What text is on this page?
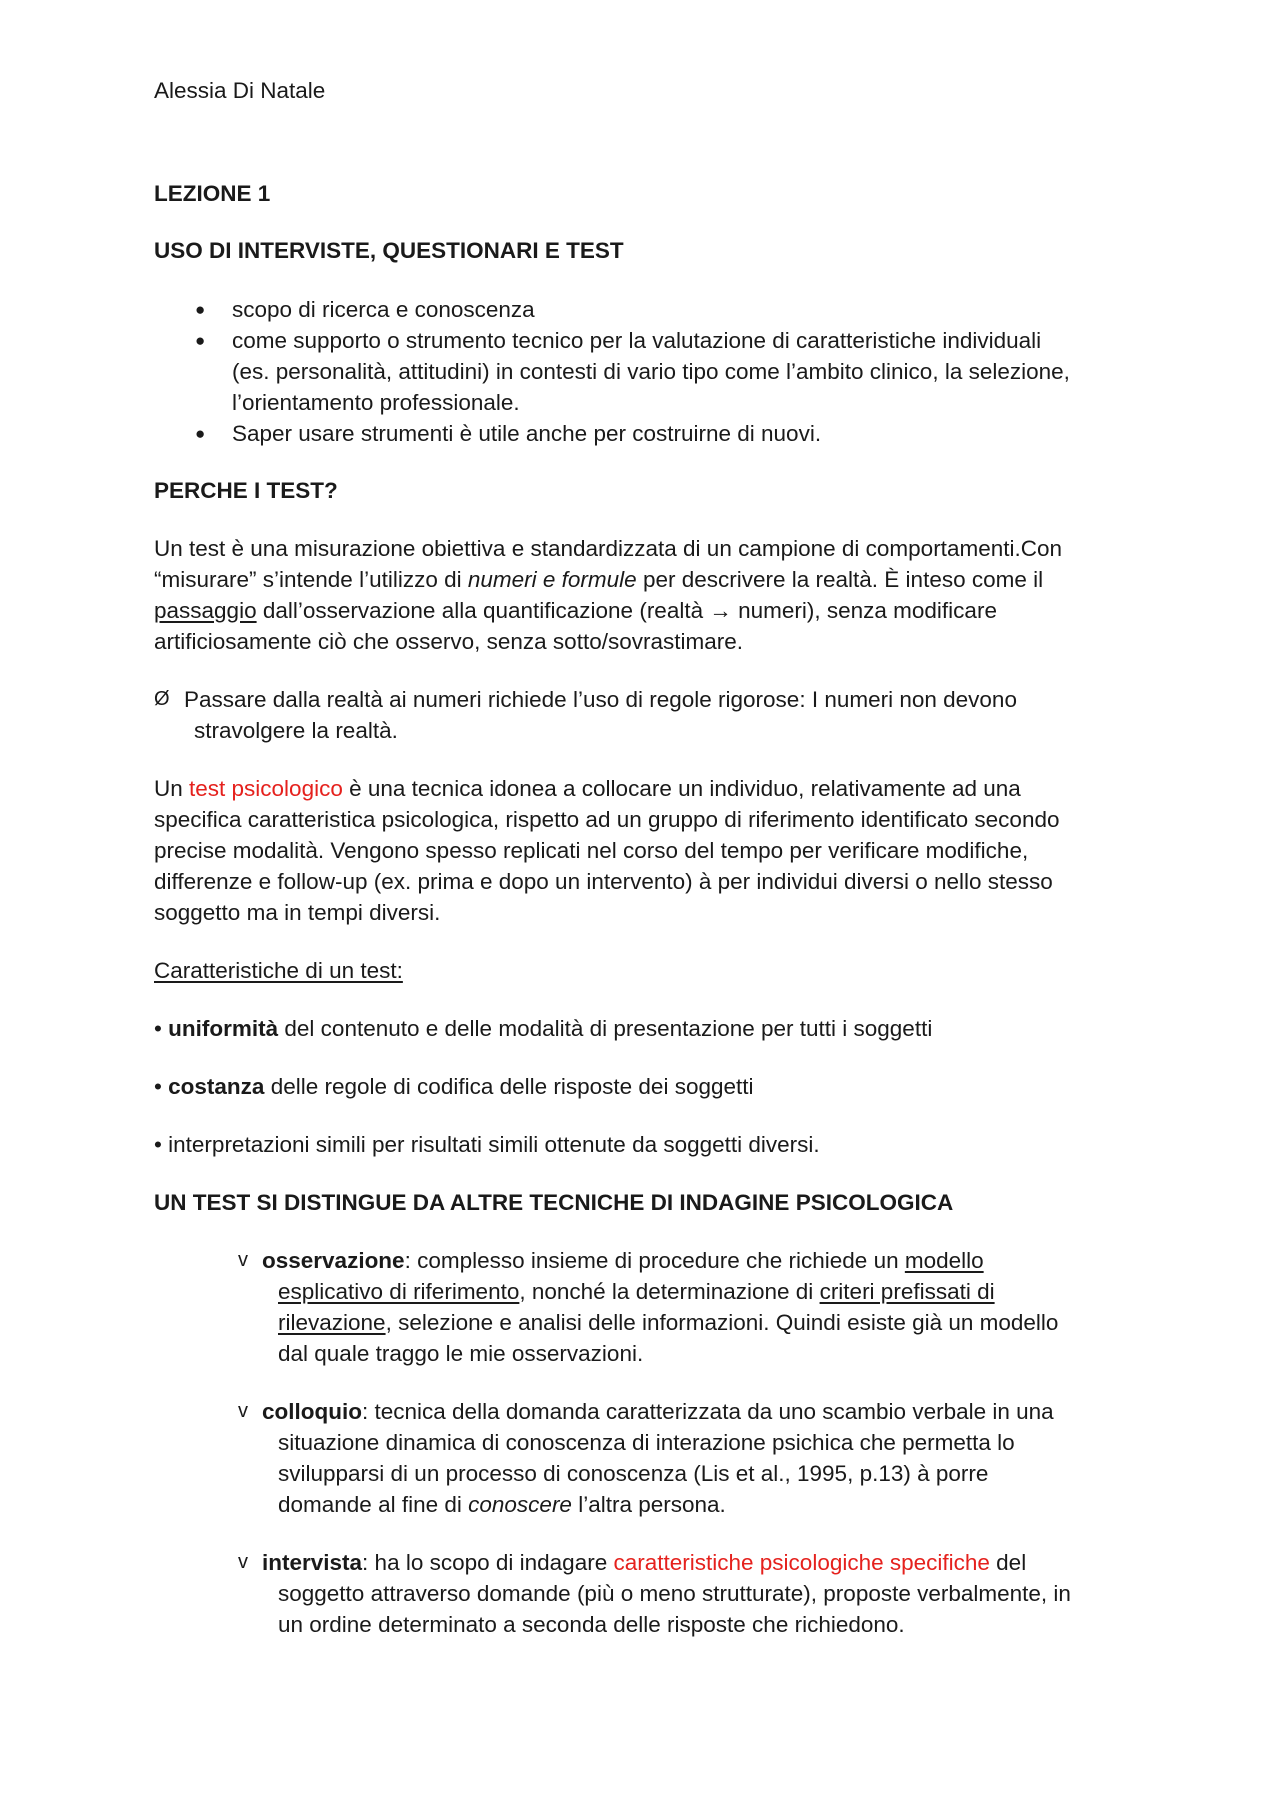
Alessia Di Natale
LEZIONE 1
USO DI INTERVISTE, QUESTIONARI E TEST
● scopo di ricerca e conoscenza
● come supporto o strumento tecnico per la valutazione di caratteristiche individuali
(es. personalità, attitudini) in contesti di vario tipo come l’ambito clinico, la selezione,
l’orientamento professionale.
● Saper usare strumenti è utile anche per costruirne di nuovi.
PERCHE I TEST?
Un test è una misurazione obiettiva e standardizzata di un campione di comportamenti.Con
“misurare” s’intende l’utilizzo di numeri e formule per descrivere la realtà. È inteso come il
passaggio dall’osservazione alla quantificazione (realtà → numeri), senza modificare
artificiosamente ciò che osservo, senza sotto/sovrastimare.
Ø Passare dalla realtà ai numeri richiede l’uso di regole rigorose: I numeri non devono
stravolgere la realtà.
Un test psicologico è una tecnica idonea a collocare un individuo, relativamente ad una
specifica caratteristica psicologica, rispetto ad un gruppo di riferimento identificato secondo
precise modalità. Vengono spesso replicati nel corso del tempo per verificare modifiche,
differenze e follow-up (ex. prima e dopo un intervento) à per individui diversi o nello stesso
soggetto ma in tempi diversi.
Caratteristiche di un test:
• uniformità del contenuto e delle modalità di presentazione per tutti i soggetti
• costanza delle regole di codifica delle risposte dei soggetti
• interpretazioni simili per risultati simili ottenute da soggetti diversi.
UN TEST SI DISTINGUE DA ALTRE TECNICHE DI INDAGINE PSICOLOGICA
v osservazione: complesso insieme di procedure che richiede un modello
esplicativo di riferimento, nonché la determinazione di criteri prefissati di
rilevazione, selezione e analisi delle informazioni. Quindi esiste già un modello
dal quale traggo le mie osservazioni.
v colloquio: tecnica della domanda caratterizzata da uno scambio verbale in una
situazione dinamica di conoscenza di interazione psichica che permetta lo
svilupparsi di un processo di conoscenza (Lis et al., 1995, p.13) à porre
domande al fine di conoscere l’altra persona.
v intervista: ha lo scopo di indagare caratteristiche psicologiche specifiche del
soggetto attraverso domande (più o meno strutturate), proposte verbalmente, in
un ordine determinato a seconda delle risposte che richiedono.
